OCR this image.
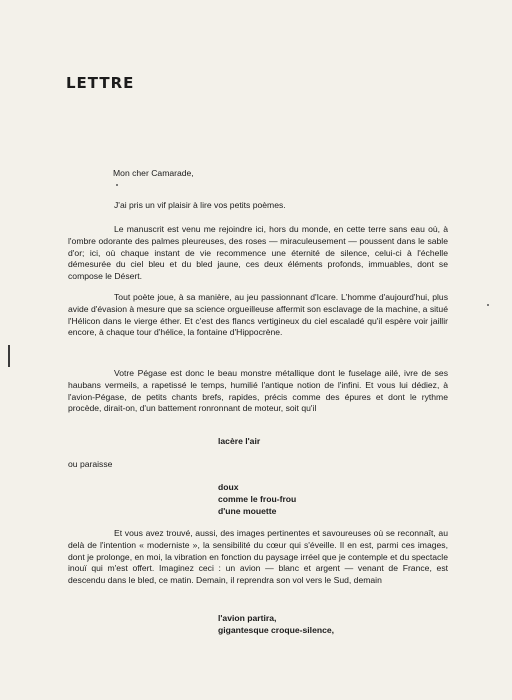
LETTRE
Mon cher Camarade,
J'ai pris un vif plaisir à lire vos petits poèmes.
Le manuscrit est venu me rejoindre ici, hors du monde, en cette terre sans eau où, à l'ombre odorante des palmes pleureuses, des roses — miraculeusement — poussent dans le sable d'or; ici, où chaque instant de vie recommence une éternité de silence, celui-ci à l'échelle démesurée du ciel bleu et du bled jaune, ces deux éléments profonds, immuables, dont se compose le Désert.
Tout poète joue, à sa manière, au jeu passionnant d'Icare. L'homme d'aujourd'hui, plus avide d'évasion à mesure que sa science orgueilleuse affermit son esclavage de la machine, a situé l'Hélicon dans le vierge éther. Et c'est des flancs vertigineux du ciel escaladé qu'il espère voir jaillir encore, à chaque tour d'hélice, la fontaine d'Hippocrène.
Votre Pégase est donc le beau monstre métallique dont le fuselage ailé, ivre de ses haubans vermeils, a rapetissé le temps, humilié l'antique notion de l'infini. Et vous lui dédiez, à l'avion-Pégase, de petits chants brefs, rapides, précis comme des épures et dont le rythme procède, dirait-on, d'un battement ronronnant de moteur, soit qu'il
lacère l'air
ou paraisse
doux
comme le frou-frou
d'une mouette
Et vous avez trouvé, aussi, des images pertinentes et savoureuses où se reconnaît, au delà de l'intention « moderniste », la sensibilité du cœur qui s'éveille. Il en est, parmi ces images, dont je prolonge, en moi, la vibration en fonction du paysage irréel que je contemple et du spectacle inouï qui m'est offert. Imaginez ceci : un avion — blanc et argent — venant de France, est descendu dans le bled, ce matin. Demain, il reprendra son vol vers le Sud, demain
l'avion partira,
gigantesque croque-silence,
